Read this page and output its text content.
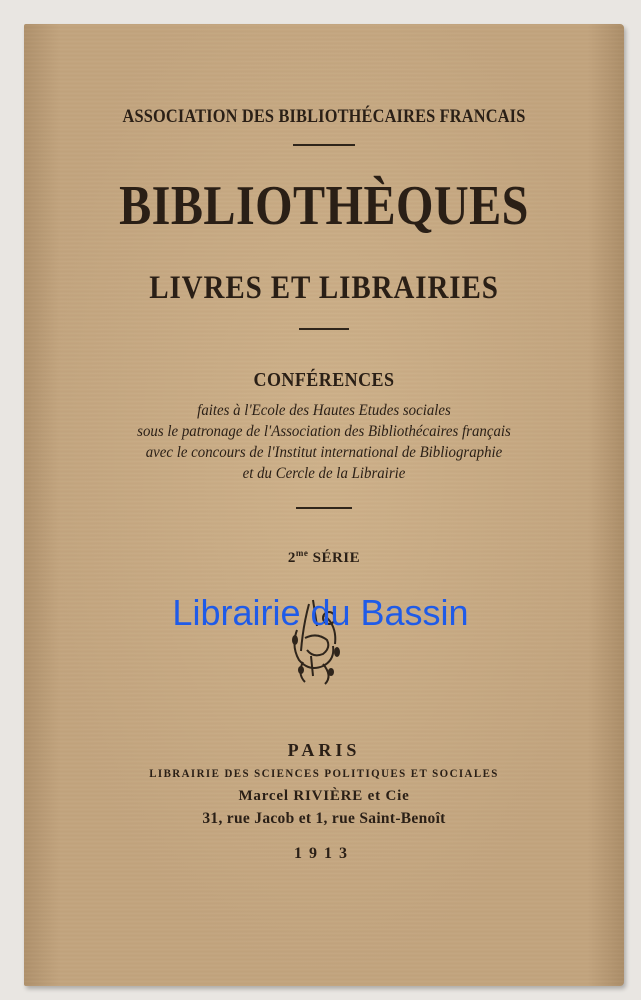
ASSOCIATION DES BIBLIOTHÉCAIRES FRANCAIS
BIBLIOTHÈQUES
LIVRES ET LIBRAIRIES
CONFÉRENCES
faites à l'Ecole des Hautes Etudes sociales
sous le patronage de l'Association des Bibliothécaires français
avec le concours de l'Institut international de Bibliographie
et du Cercle de la Librairie
$2^{me}$ SÉRIE
PARIS
LIBRAIRIE DES SCIENCES POLITIQUES ET SOCIALES
Marcel RIVIÈRE et Cie
31, rue Jacob et 1, rue Saint-Benoît
1913
Librairie du Bassin
